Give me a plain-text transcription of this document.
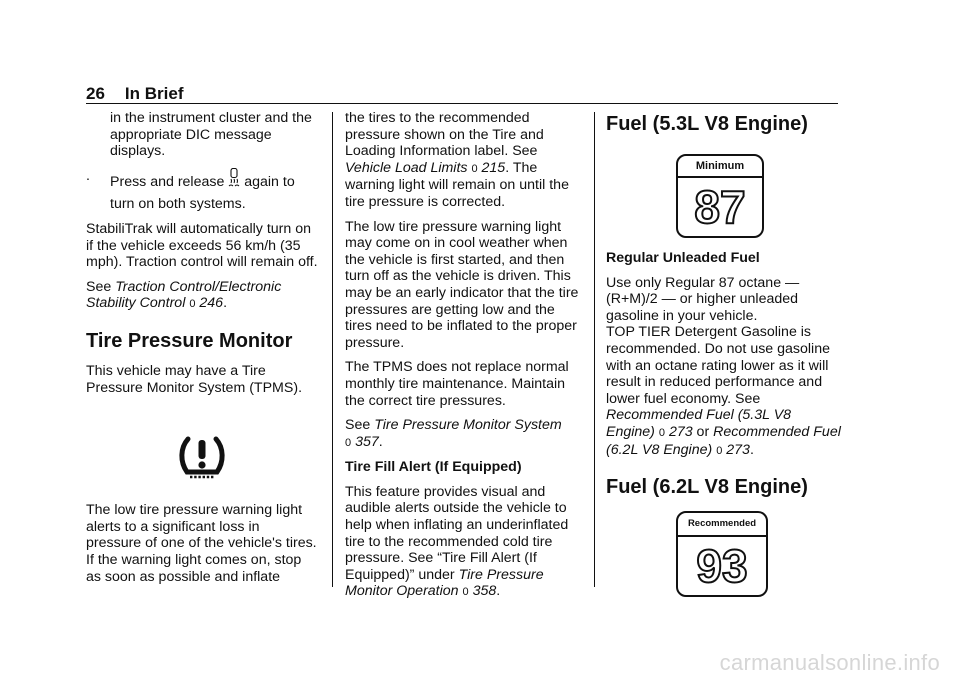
26 In Brief
in the instrument cluster and the
appropriate DIC message
displays.
. Press and release  again to
turn on both systems.

StabiliTrak will automatically turn on if the vehicle exceeds 56 km/h (35 mph). Traction control will remain off.

See Traction Control/Electronic Stability Control 0 246.

Tire Pressure Monitor

This vehicle may have a Tire Pressure Monitor System (TPMS).

The low tire pressure warning light alerts to a significant loss in pressure of one of the vehicle's tires. If the warning light comes on, stop as soon as possible and inflate

the tires to the recommended pressure shown on the Tire and Loading Information label. See Vehicle Load Limits 0 215. The warning light will remain on until the tire pressure is corrected.

The low tire pressure warning light may come on in cool weather when the vehicle is first started, and then turn off as the vehicle is driven. This may be an early indicator that the tire pressures are getting low and the tires need to be inflated to the proper pressure.

The TPMS does not replace normal monthly tire maintenance. Maintain the correct tire pressures.

See Tire Pressure Monitor System
0 357.

Tire Fill Alert (If Equipped)

This feature provides visual and audible alerts outside the vehicle to help when inflating an underinflated tire to the recommended cold tire pressure. See “Tire Fill Alert (If Equipped)” under Tire Pressure Monitor Operation 0 358.

Fuel (5.3L V8 Engine)
Minimum
87

Regular Unleaded Fuel

Use only Regular 87 octane — (R+M)/2 — or higher unleaded gasoline in your vehicle.

TOP TIER Detergent Gasoline is recommended. Do not use gasoline with an octane rating lower as it will result in reduced performance and lower fuel economy. See Recommended Fuel (5.3L V8 Engine) 0 273 or Recommended Fuel (6.2L V8 Engine) 0 273.

Fuel (6.2L V8 Engine)
Recommended
93
carmanualsonline.info
